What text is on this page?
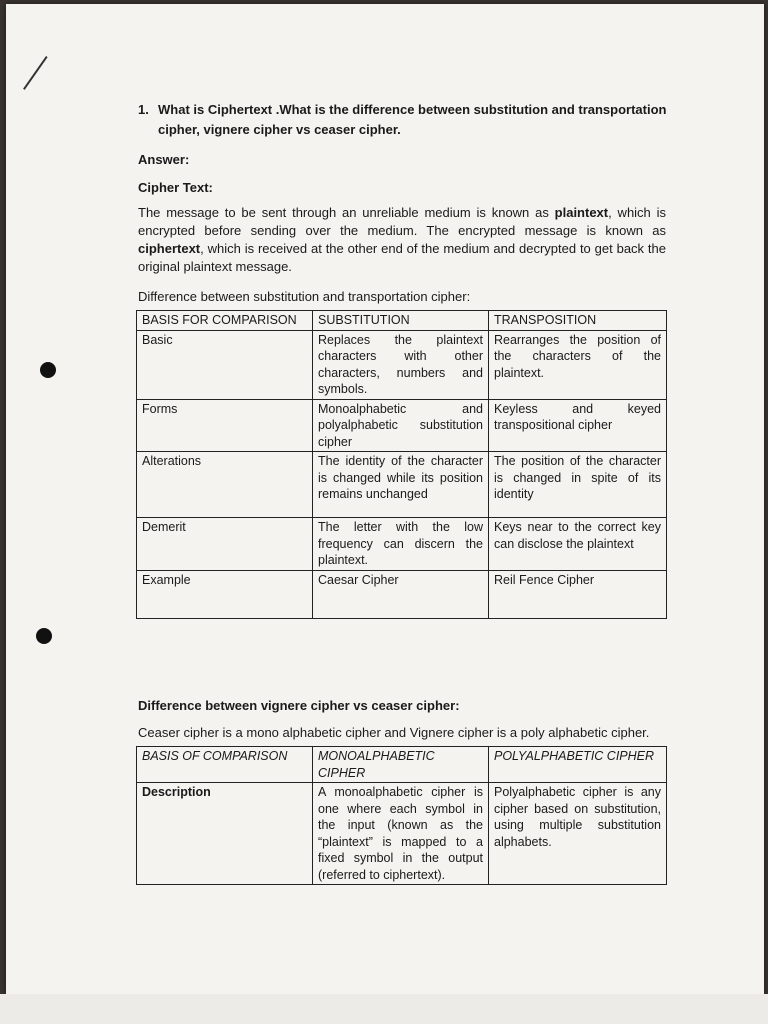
1. What is Ciphertext .What is the difference between substitution and transportation
cipher, vignere cipher vs ceaser cipher.
Answer:
Cipher Text:
The message to be sent through an unreliable medium is known as plaintext, which is encrypted before sending over the medium. The encrypted message is known as ciphertext, which is received at the other end of the medium and decrypted to get back the original plaintext message.
Difference between substitution and transportation cipher:
BASIS FOR COMPARISON	SUBSTITUTION	TRANSPOSITION
Basic	Replaces the plaintext characters with other characters, numbers and symbols.	Rearranges the position of the characters of the plaintext.
Forms	Monoalphabetic and polyalphabetic substitution cipher	Keyless and keyed transpositional cipher
Alterations	The identity of the character is changed while its position remains unchanged	The position of the character is changed in spite of its identity
Demerit	The letter with the low frequency can discern the plaintext.	Keys near to the correct key can disclose the plaintext
Example	Caesar Cipher	Reil Fence Cipher
Difference between vignere cipher vs ceaser cipher:
Ceaser cipher is a mono alphabetic cipher and Vignere cipher is a poly alphabetic cipher.
BASIS OF COMPARISON	MONOALPHABETIC CIPHER	POLYALPHABETIC CIPHER
Description	A monoalphabetic cipher is one where each symbol in the input (known as the “plaintext” is mapped to a fixed symbol in the output (referred to ciphertext).	Polyalphabetic cipher is any cipher based on substitution, using multiple substitution alphabets.
